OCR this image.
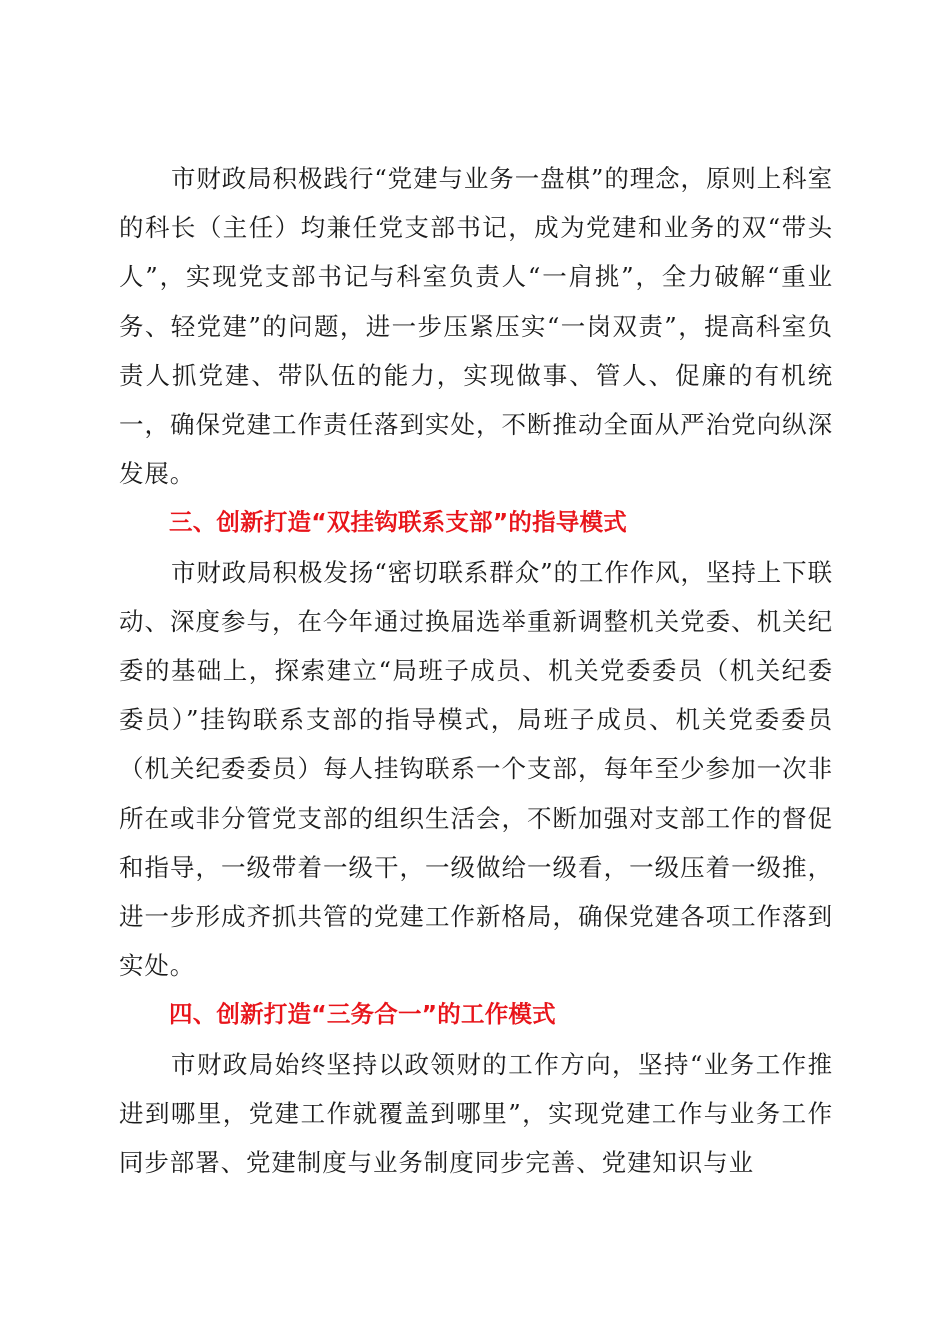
市财政局积极践行“党建与业务一盘棋”的理念，原则上科室的科长（主任）均兼任党支部书记，成为党建和业务的双“带头人”，实现党支部书记与科室负责人“一肩挑”，全力破解“重业务、轻党建”的问题，进一步压紧压实“一岗双责”，提高科室负责人抓党建、带队伍的能力，实现做事、管人、促廉的有机统一，确保党建工作责任落到实处，不断推动全面从严治党向纵深发展。

三、创新打造“双挂钩联系支部”的指导模式

市财政局积极发扬“密切联系群众”的工作作风，坚持上下联动、深度参与，在今年通过换届选举重新调整机关党委、机关纪委的基础上，探索建立“局班子成员、机关党委委员（机关纪委委员）”挂钩联系支部的指导模式，局班子成员、机关党委委员（机关纪委委员）每人挂钩联系一个支部，每年至少参加一次非所在或非分管党支部的组织生活会，不断加强对支部工作的督促和指导，一级带着一级干，一级做给一级看，一级压着一级推，进一步形成齐抓共管的党建工作新格局，确保党建各项工作落到实处。

四、创新打造“三务合一”的工作模式

市财政局始终坚持以政领财的工作方向，坚持“业务工作推进到哪里，党建工作就覆盖到哪里”，实现党建工作与业务工作同步部署、党建制度与业务制度同步完善、党建知识与业
